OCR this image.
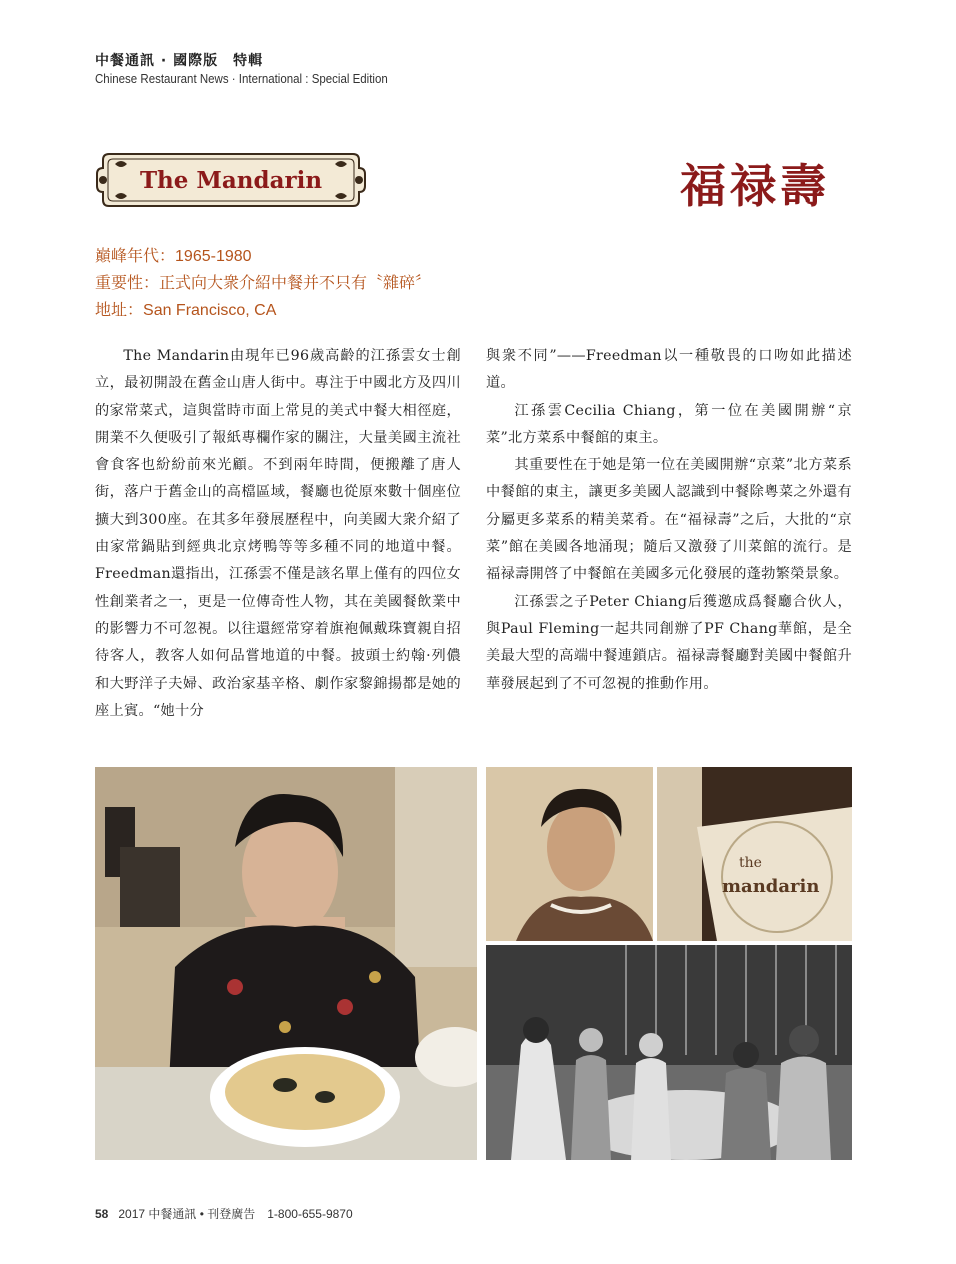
中餐通訊 · 國際版　特輯
Chinese Restaurant News · International : Special Edition
The Mandarin	福禄壽
巔峰年代：1965-1980
重要性：正式向大衆介紹中餐并不只有〝雜碎〞
地址：San Francisco, CA

The Mandarin由現年已96歲高齡的江孫雲女士創立，最初開設在舊金山唐人街中。專注于中國北方及四川的家常菜式，這與當時市面上常見的美式中餐大相徑庭，開業不久便吸引了報紙專欄作家的關注，大量美國主流社會食客也紛紛前來光顧。不到兩年時間，便搬離了唐人街，落户于舊金山的高檔區域，餐廳也從原來數十個座位擴大到300座。在其多年發展歷程中，向美國大衆介紹了由家常鍋貼到經典北京烤鴨等等多種不同的地道中餐。Freedman還指出，江孫雲不僅是該名單上僅有的四位女性創業者之一，更是一位傳奇性人物，其在美國餐飲業中的影響力不可忽視。以往還經常穿着旗袍佩戴珠寶親自招待客人，教客人如何品嘗地道的中餐。披頭士約翰·列儂和大野洋子夫婦、政治家基辛格、劇作家黎錦揚都是她的座上賓。“她十分

與衆不同”——Freedman以一種敬畏的口吻如此描述道。

江孫雲Cecilia Chiang，第一位在美國開辦“京菜”北方菜系中餐館的東主。

其重要性在于她是第一位在美國開辦“京菜”北方菜系中餐館的東主，讓更多美國人認識到中餐除粵菜之外還有分屬更多菜系的精美菜肴。在“福禄壽”之后，大批的“京菜”館在美國各地涌現；隨后又激發了川菜館的流行。是福禄壽開啓了中餐館在美國多元化發展的蓬勃繁榮景象。

江孫雲之子Peter Chiang后獲邀成爲餐廳合伙人，與Paul Fleming一起共同創辦了PF Chang華館，是全美最大型的高端中餐連鎖店。福禄壽餐廳對美國中餐館升華發展起到了不可忽視的推動作用。

the
mandarin
58 2017 中餐通訊 • 刊登廣告　1-800-655-9870
